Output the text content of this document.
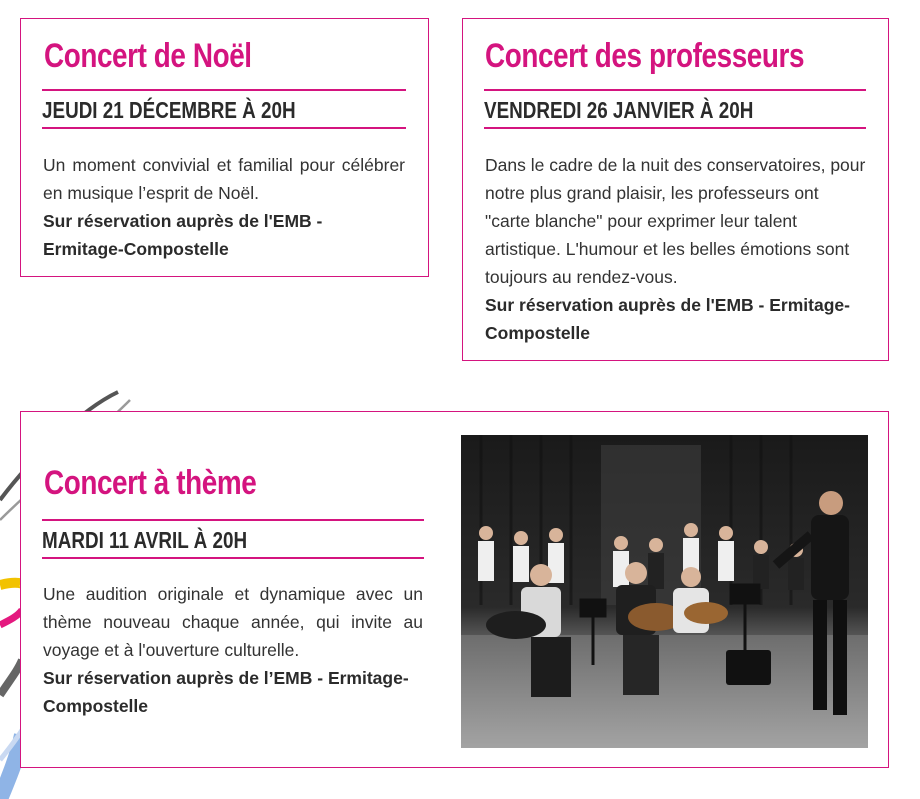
Concert de Noël
JEUDI 21 DÉCEMBRE À 20H

Un moment convivial et familial pour célébrer en musique l’esprit de Noël.
Sur réservation auprès de l'EMB - Ermitage-Compostelle

Concert des professeurs
VENDREDI 26 JANVIER À 20H

Dans le cadre de la nuit des conservatoires, pour notre plus grand plaisir, les professeurs ont "carte blanche" pour exprimer leur talent artistique. L'humour et les belles émotions sont toujours au rendez-vous.
Sur réservation auprès de l'EMB - Ermitage-Compostelle

Concert à thème
MARDI 11 AVRIL À 20H

Une audition originale et dynamique avec un thème nouveau chaque année, qui invite au voyage et à l'ouverture culturelle.
Sur réservation auprès de l’EMB - Ermitage-Compostelle
